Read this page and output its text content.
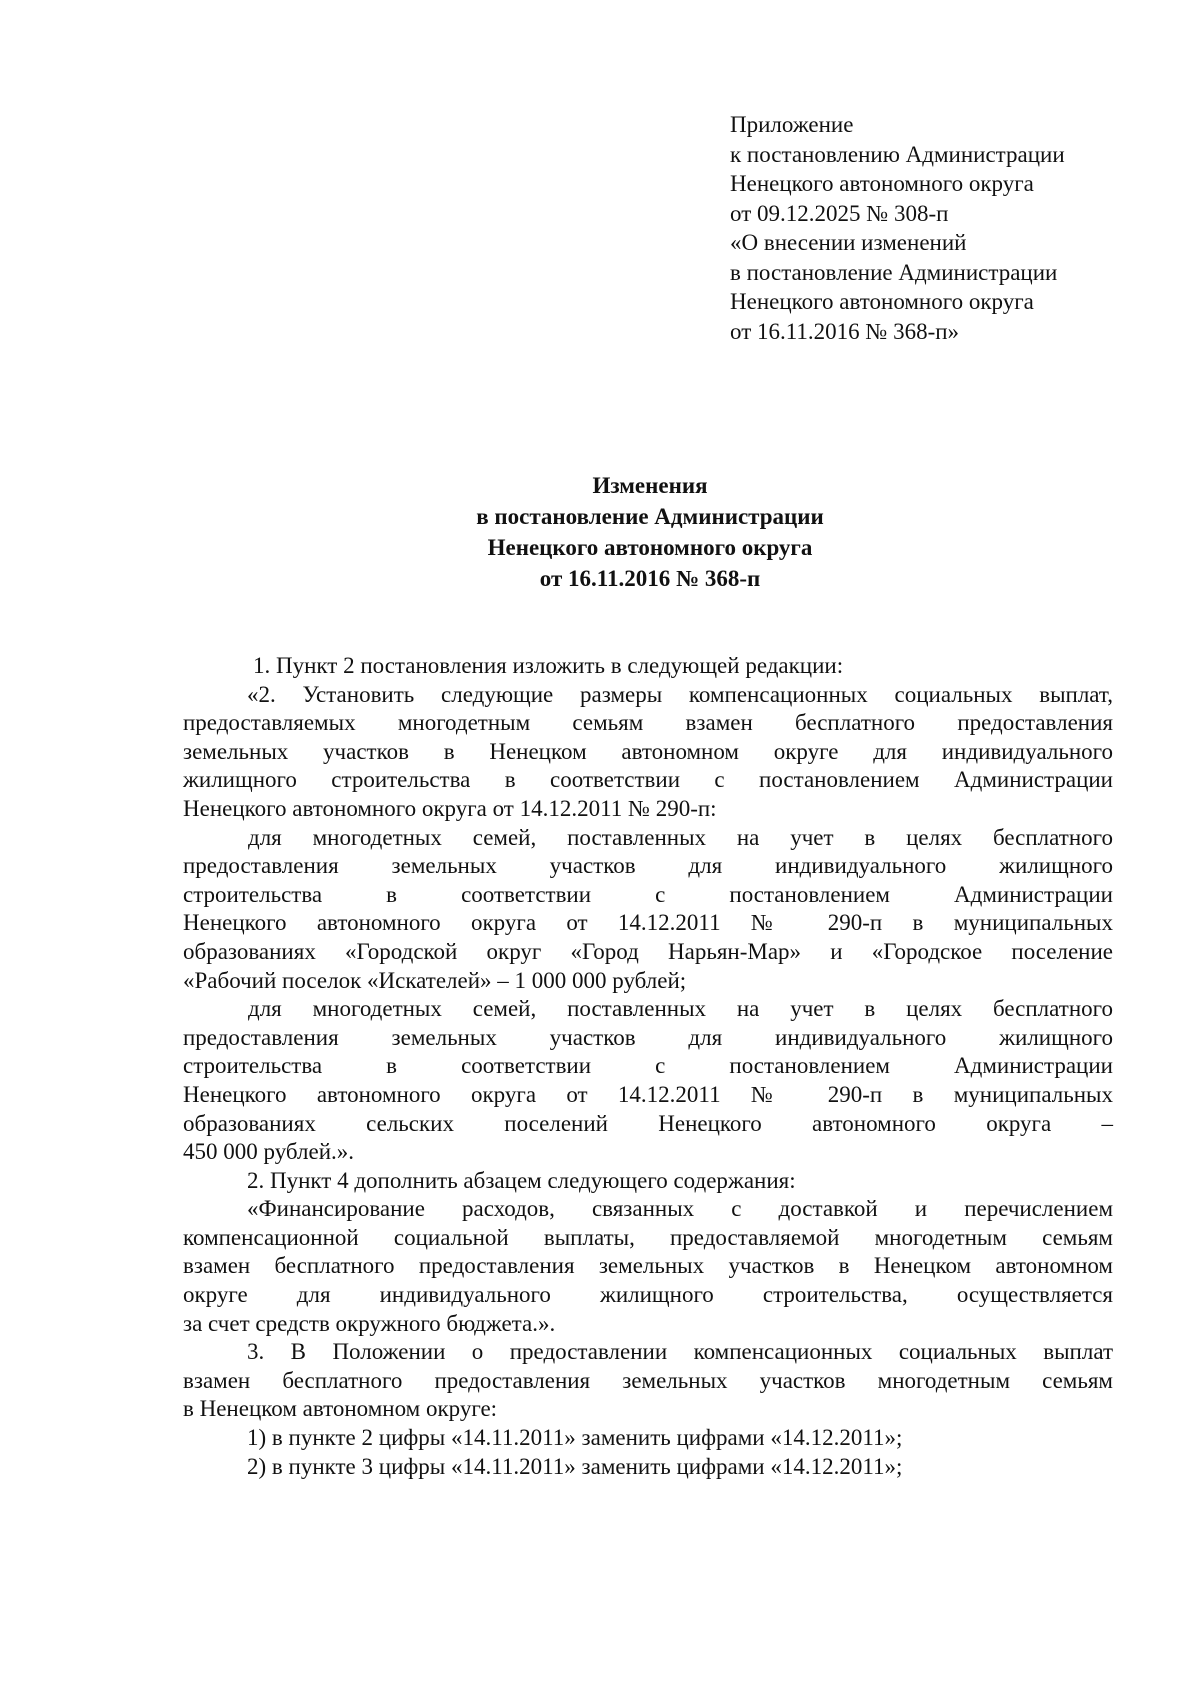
Приложение
к постановлению Администрации
Ненецкого автономного округа
от 09.12.2025 № 308-п
«О внесении изменений
в постановление Администрации
Ненецкого автономного округа
от 16.11.2016 № 368-п»
Изменения
в постановление Администрации
Ненецкого автономного округа
от 16.11.2016 № 368-п
1. Пункт 2 постановления изложить в следующей редакции:
«2. Установить следующие размеры компенсационных социальных выплат,
предоставляемых многодетным семьям взамен бесплатного предоставления
земельных участков в Ненецком автономном округе для индивидуального
жилищного строительства в соответствии с постановлением Администрации
Ненецкого автономного округа от 14.12.2011 № 290-п:
для многодетных семей, поставленных на учет в целях бесплатного
предоставления земельных участков для индивидуального жилищного
строительства в соответствии с постановлением Администрации
Ненецкого автономного округа от 14.12.2011 № 290-п в муниципальных
образованиях «Городской округ «Город Нарьян-Мар» и «Городское поселение
«Рабочий поселок «Искателей» – 1 000 000 рублей;
для многодетных семей, поставленных на учет в целях бесплатного
предоставления земельных участков для индивидуального жилищного
строительства в соответствии с постановлением Администрации
Ненецкого автономного округа от 14.12.2011 № 290-п в муниципальных
образованиях сельских поселений Ненецкого автономного округа –
450 000 рублей.».
2. Пункт 4 дополнить абзацем следующего содержания:
«Финансирование расходов, связанных с доставкой и перечислением
компенсационной социальной выплаты, предоставляемой многодетным семьям
взамен бесплатного предоставления земельных участков в Ненецком автономном
округе для индивидуального жилищного строительства, осуществляется
за счет средств окружного бюджета.».
3. В Положении о предоставлении компенсационных социальных выплат
взамен бесплатного предоставления земельных участков многодетным семьям
в Ненецком автономном округе:
1) в пункте 2 цифры «14.11.2011» заменить цифрами «14.12.2011»;
2) в пункте 3 цифры «14.11.2011» заменить цифрами «14.12.2011»;
